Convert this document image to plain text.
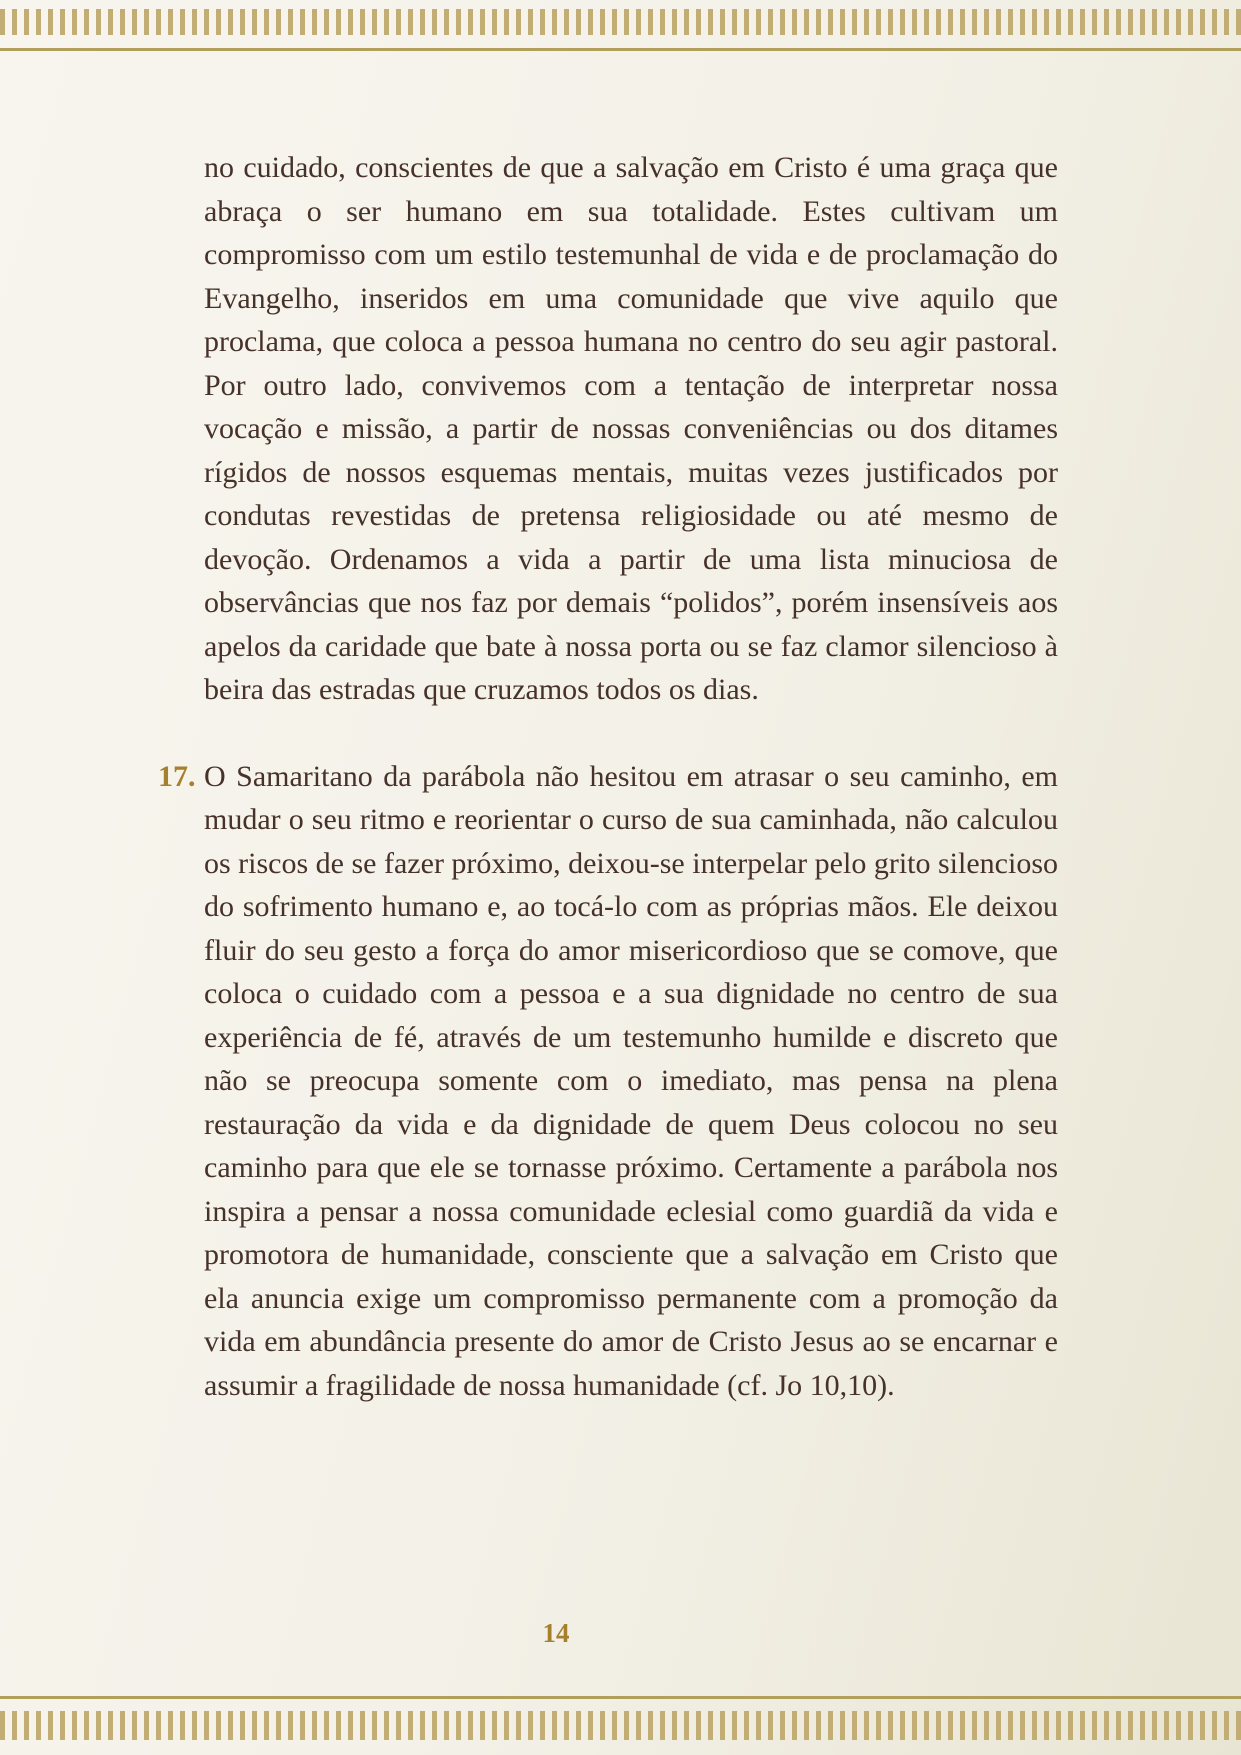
no cuidado, conscientes de que a salvação em Cristo é uma graça que abraça o ser humano em sua totalidade. Estes cultivam um compromisso com um estilo testemunhal de vida e de proclamação do Evangelho, inseridos em uma comunidade que vive aquilo que proclama, que coloca a pessoa humana no centro do seu agir pastoral. Por outro lado, convivemos com a tentação de interpretar nossa vocação e missão, a partir de nossas conveniências ou dos ditames rígidos de nossos esquemas mentais, muitas vezes justificados por condutas revestidas de pretensa religiosidade ou até mesmo de devoção. Ordenamos a vida a partir de uma lista minuciosa de observâncias que nos faz por demais “polidos”, porém insensíveis aos apelos da caridade que bate à nossa porta ou se faz clamor silencioso à beira das estradas que cruzamos todos os dias.

17. O Samaritano da parábola não hesitou em atrasar o seu caminho, em mudar o seu ritmo e reorientar o curso de sua caminhada, não calculou os riscos de se fazer próximo, deixou-se interpelar pelo grito silencioso do sofrimento humano e, ao tocá-lo com as próprias mãos. Ele deixou fluir do seu gesto a força do amor misericordioso que se comove, que coloca o cuidado com a pessoa e a sua dignidade no centro de sua experiência de fé, através de um testemunho humilde e discreto que não se preocupa somente com o imediato, mas pensa na plena restauração da vida e da dignidade de quem Deus colocou no seu caminho para que ele se tornasse próximo. Certamente a parábola nos inspira a pensar a nossa comunidade eclesial como guardiã da vida e promotora de humanidade, consciente que a salvação em Cristo que ela anuncia exige um compromisso permanente com a promoção da vida em abundância presente do amor de Cristo Jesus ao se encarnar e assumir a fragilidade de nossa humanidade (cf. Jo 10,10).

14
